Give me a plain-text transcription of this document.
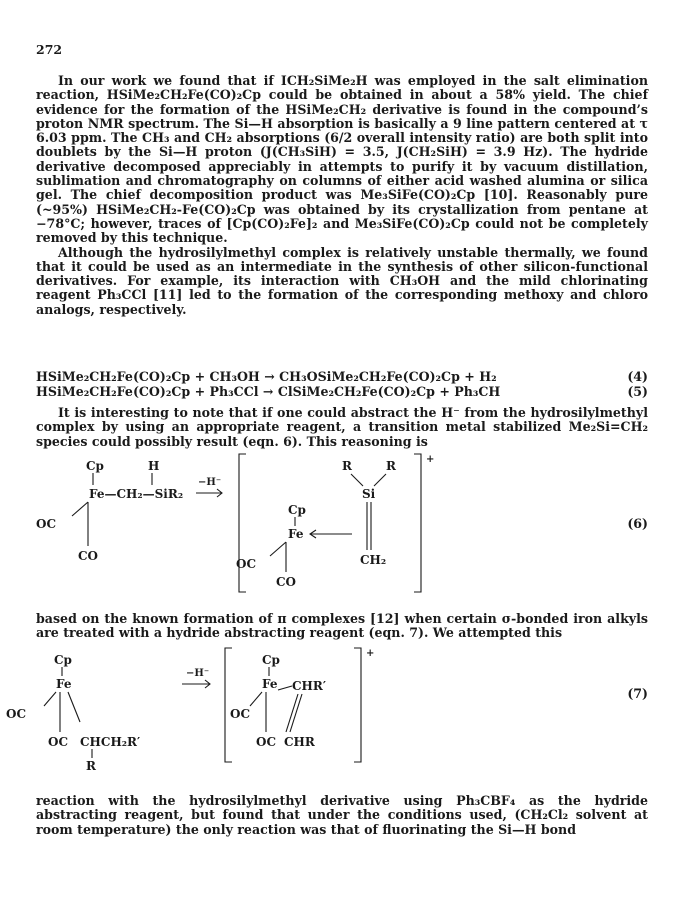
272

In our work we found that if ICH₂SiMe₂H was employed in the salt elimination reaction, HSiMe₂CH₂Fe(CO)₂Cp could be obtained in about a 58% yield. The chief evidence for the formation of the HSiMe₂CH₂ derivative is found in the compound’s proton NMR spectrum. The Si—H absorption is basically a 9 line pattern centered at τ 6.03 ppm. The CH₃ and CH₂ absorptions (6/2 overall intensity ratio) are both split into doublets by the Si—H proton (J(CH₃SiH) = 3.5, J(CH₂SiH) = 3.9 Hz). The hydride derivative decomposed appreciably in attempts to purify it by vacuum distillation, sublimation and chromatography on columns of either acid washed alumina or silica gel. The chief decomposition product was Me₃SiFe(CO)₂Cp [10]. Reasonably pure (~95%) HSiMe₂CH₂-Fe(CO)₂Cp was obtained by its crystallization from pentane at −78°C; however, traces of [Cp(CO)₂Fe]₂ and Me₃SiFe(CO)₂Cp could not be completely removed by this technique.

Although the hydrosilylmethyl complex is relatively unstable thermally, we found that it could be used as an intermediate in the synthesis of other silicon-functional derivatives. For example, its interaction with CH₃OH and the mild chlorinating reagent Ph₃CCl [11] led to the formation of the corresponding methoxy and chloro analogs, respectively.

HSiMe₂CH₂Fe(CO)₂Cp + CH₃OH → CH₃OSiMe₂CH₂Fe(CO)₂Cp + H₂	(4)
HSiMe₂CH₂Fe(CO)₂Cp + Ph₃CCl → ClSiMe₂CH₂Fe(CO)₂Cp + Ph₃CH	(5)

It is interesting to note that if one could abstract the H⁻ from the hydrosilylmethyl complex by using an appropriate reagent, a transition metal stabilized Me₂Si=CH₂ species could possibly result (eqn. 6). This reasoning is

Cp	H
Fe—CH₂—SiR₂
OC
CO
−H⁻
+
Cp
Fe
OC
CO
R	R
Si
CH₂
(6)

based on the known formation of π complexes [12] when certain σ-bonded iron alkyls are treated with a hydride abstracting reagent (eqn. 7). We attempted this

Cp
Fe
OC
OC CHCH₂R′
R
−H⁻
+
Cp
Fe
OC
OC
CHR′
CHR
(7)

reaction with the hydrosilylmethyl derivative using Ph₃CBF₄ as the hydride abstracting reagent, but found that under the conditions used, (CH₂Cl₂ solvent at room temperature) the only reaction was that of fluorinating the Si—H bond
